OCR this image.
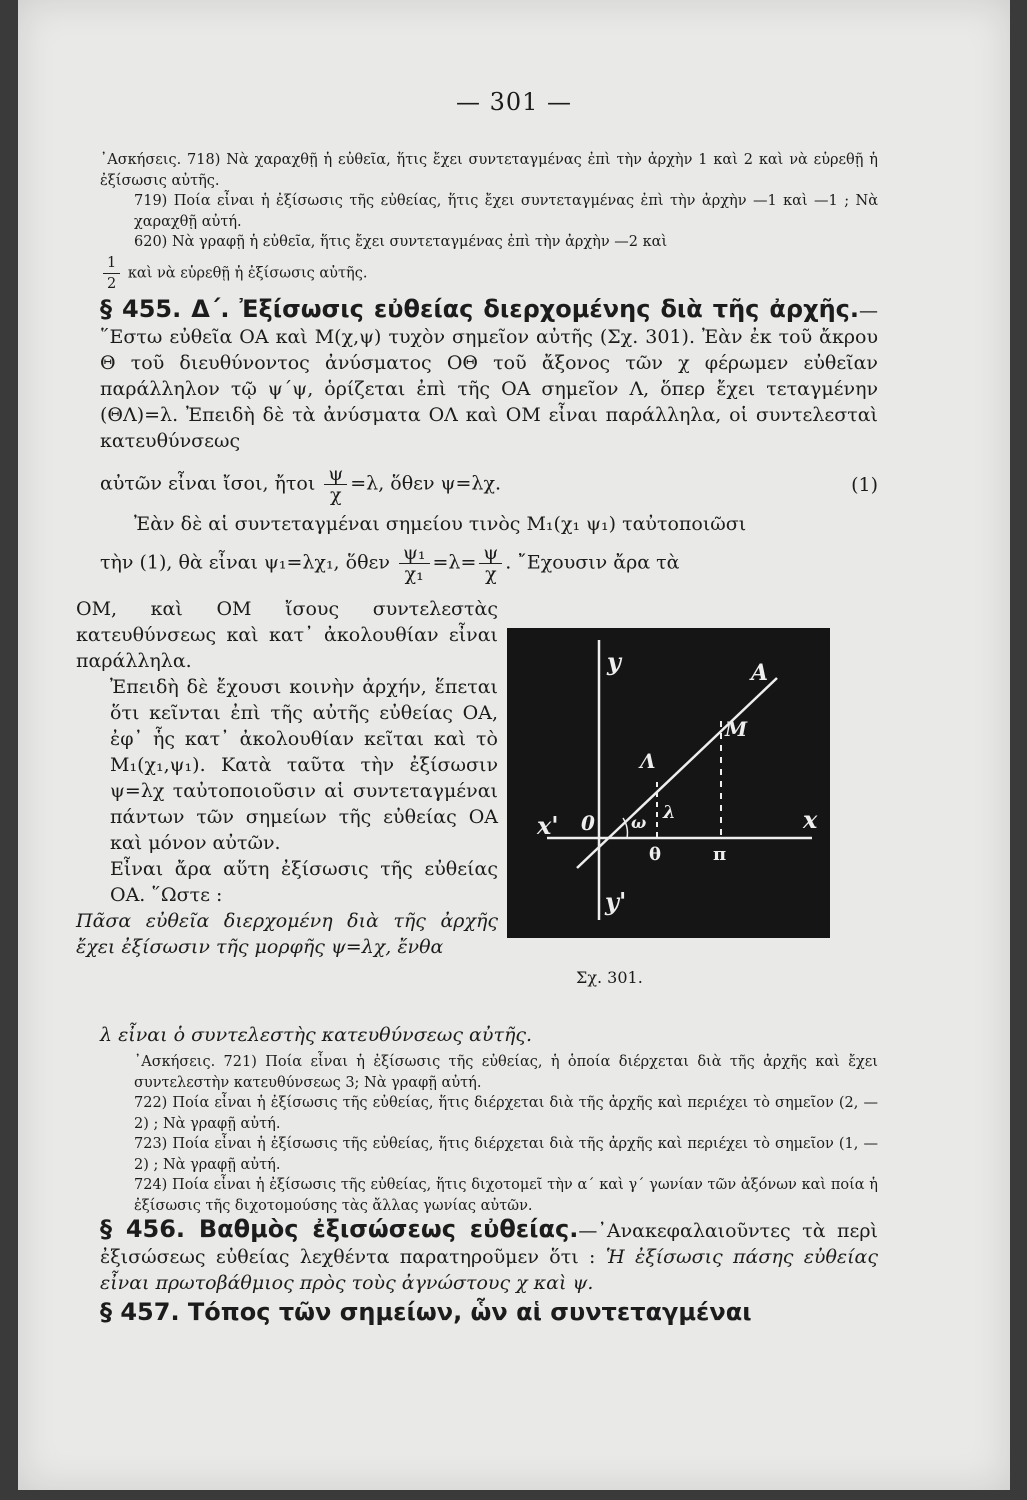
— 301 —
᾿Ασκήσεις. 718) Νὰ χαραχθῇ ἡ εὐθεῖα, ἥτις ἔχει συντεταγμένας ἐπὶ τὴν ἀρχὴν 1 καὶ 2 καὶ νὰ εὑρεθῇ ἡ ἐξίσωσις αὐτῆς.
719) Ποία εἶναι ἡ ἐξίσωσις τῆς εὐθείας, ἥτις ἔχει συντεταγμένας ἐπὶ τὴν ἀρχὴν —1 καὶ —1 ; Νὰ χαραχθῇ αὐτή.
620) Νὰ γραφῇ ἡ εὐθεῖα, ἥτις ἔχει συντεταγμένας ἐπὶ τὴν ἀρχὴν —2 καὶ
$\frac{1}{2}$ καὶ νὰ εὑρεθῇ ἡ ἐξίσωσις αὐτῆς.
§ 455. Δ΄. Ἐξίσωσις εὐθείας διερχομένης διὰ τῆς ἀρχῆς.—῞Εστω εὐθεῖα ΟΑ καὶ Μ(χ,ψ) τυχὸν σημεῖον αὐτῆς (Σχ. 301). Ἐὰν ἐκ τοῦ ἄκρου Θ τοῦ διευθύνοντος ἀνύσματος ΟΘ τοῦ ἄξονος τῶν χ φέρωμεν εὐθεῖαν παράλληλον τῷ ψ΄ψ, ὁρίζεται ἐπὶ τῆς ΟΑ σημεῖον Λ, ὅπερ ἔχει τεταγμένην (ΘΛ)=λ. Ἐπειδὴ δὲ τὰ ἀνύσματα ΟΛ καὶ ΟΜ εἶναι παράλληλα, οἱ συντελεσταὶ κατευθύνσεως
αὐτῶν εἶναι ἴσοι, ἤτοι $\frac{\psi}{\chi} =\lambda$, ὅθεν ψ=λχ.	(1)
Ἐὰν δὲ αἱ συντεταγμέναι σημείου τινὸς Μ₁(χ₁ ψ₁) ταὐτοποιῶσι
τὴν (1), θὰ εἶναι ψ₁=λχ₁, ὅθεν $\frac{\text{ψ₁}}{\text{χ₁}} =\lambda= \frac{\psi}{\chi}$ . ῎Εχουσιν ἄρα τὰ
ΟΜ, καὶ ΟΜ ἴσους συντελεστὰς κατευθύνσεως καὶ κατ᾿ ἀκολουθίαν εἶναι παράλληλα.
Ἐπειδὴ δὲ ἔχουσι κοινὴν ἀρχήν, ἕπεται ὅτι κεῖνται ἐπὶ τῆς αὐτῆς εὐθείας ΟΑ, ἐφ᾿ ἧς κατ᾿ ἀκολουθίαν κεῖται καὶ τὸ Μ₁(χ₁,ψ₁). Κατὰ ταῦτα τὴν ἐξίσωσιν ψ=λχ ταὐτοποιοῦσιν αἱ συντεταγμέναι πάντων τῶν σημείων τῆς εὐθείας ΟΑ καὶ μόνον αὐτῶν.
Εἶναι ἄρα αὕτη ἐξίσωσις τῆς εὐθείας ΟΑ. ῞Ωστε :
Πᾶσα εὐθεῖα διερχομένη διὰ τῆς ἀρχῆς ἔχει ἐξίσωσιν τῆς μορφῆς ψ=λχ, ἔνθα
λ εἶναι ὁ συντελεστὴς κατευθύνσεως αὐτῆς.
y
y'
x
x' 0
Α
Μ
Λ
λ
ω
θ	π
Σχ. 301.
᾿Ασκήσεις. 721) Ποία εἶναι ἡ ἐξίσωσις τῆς εὐθείας, ἡ ὁποία διέρχεται διὰ τῆς ἀρχῆς καὶ ἔχει συντελεστὴν κατευθύνσεως 3; Νὰ γραφῇ αὐτή.
722) Ποία εἶναι ἡ ἐξίσωσις τῆς εὐθείας, ἥτις διέρχεται διὰ τῆς ἀρχῆς καὶ περιέχει τὸ σημεῖον (2, —2) ; Νὰ γραφῇ αὐτή.
723) Ποία εἶναι ἡ ἐξίσωσις τῆς εὐθείας, ἥτις διέρχεται διὰ τῆς ἀρχῆς καὶ περιέχει τὸ σημεῖον (1, —2) ; Νὰ γραφῇ αὐτή.
724) Ποία εἶναι ἡ ἐξίσωσις τῆς εὐθείας, ἥτις διχοτομεῖ τὴν α΄ καὶ γ΄ γωνίαν τῶν ἀξόνων καὶ ποία ἡ ἐξίσωσις τῆς διχοτομούσης τὰς ἄλλας γωνίας αὐτῶν.
§ 456. Βαθμὸς ἐξισώσεως εὐθείας.—᾿Ανακεφαλαιοῦντες τὰ περὶ ἐξισώσεως εὐθείας λεχθέντα παρατηροῦμεν ὅτι : Ἡ ἐξίσωσις πάσης εὐθείας εἶναι πρωτοβάθμιος πρὸς τοὺς ἀγνώστους χ καὶ ψ.
§ 457. Τόπος τῶν σημείων, ὧν αἱ συντεταγμέναι
